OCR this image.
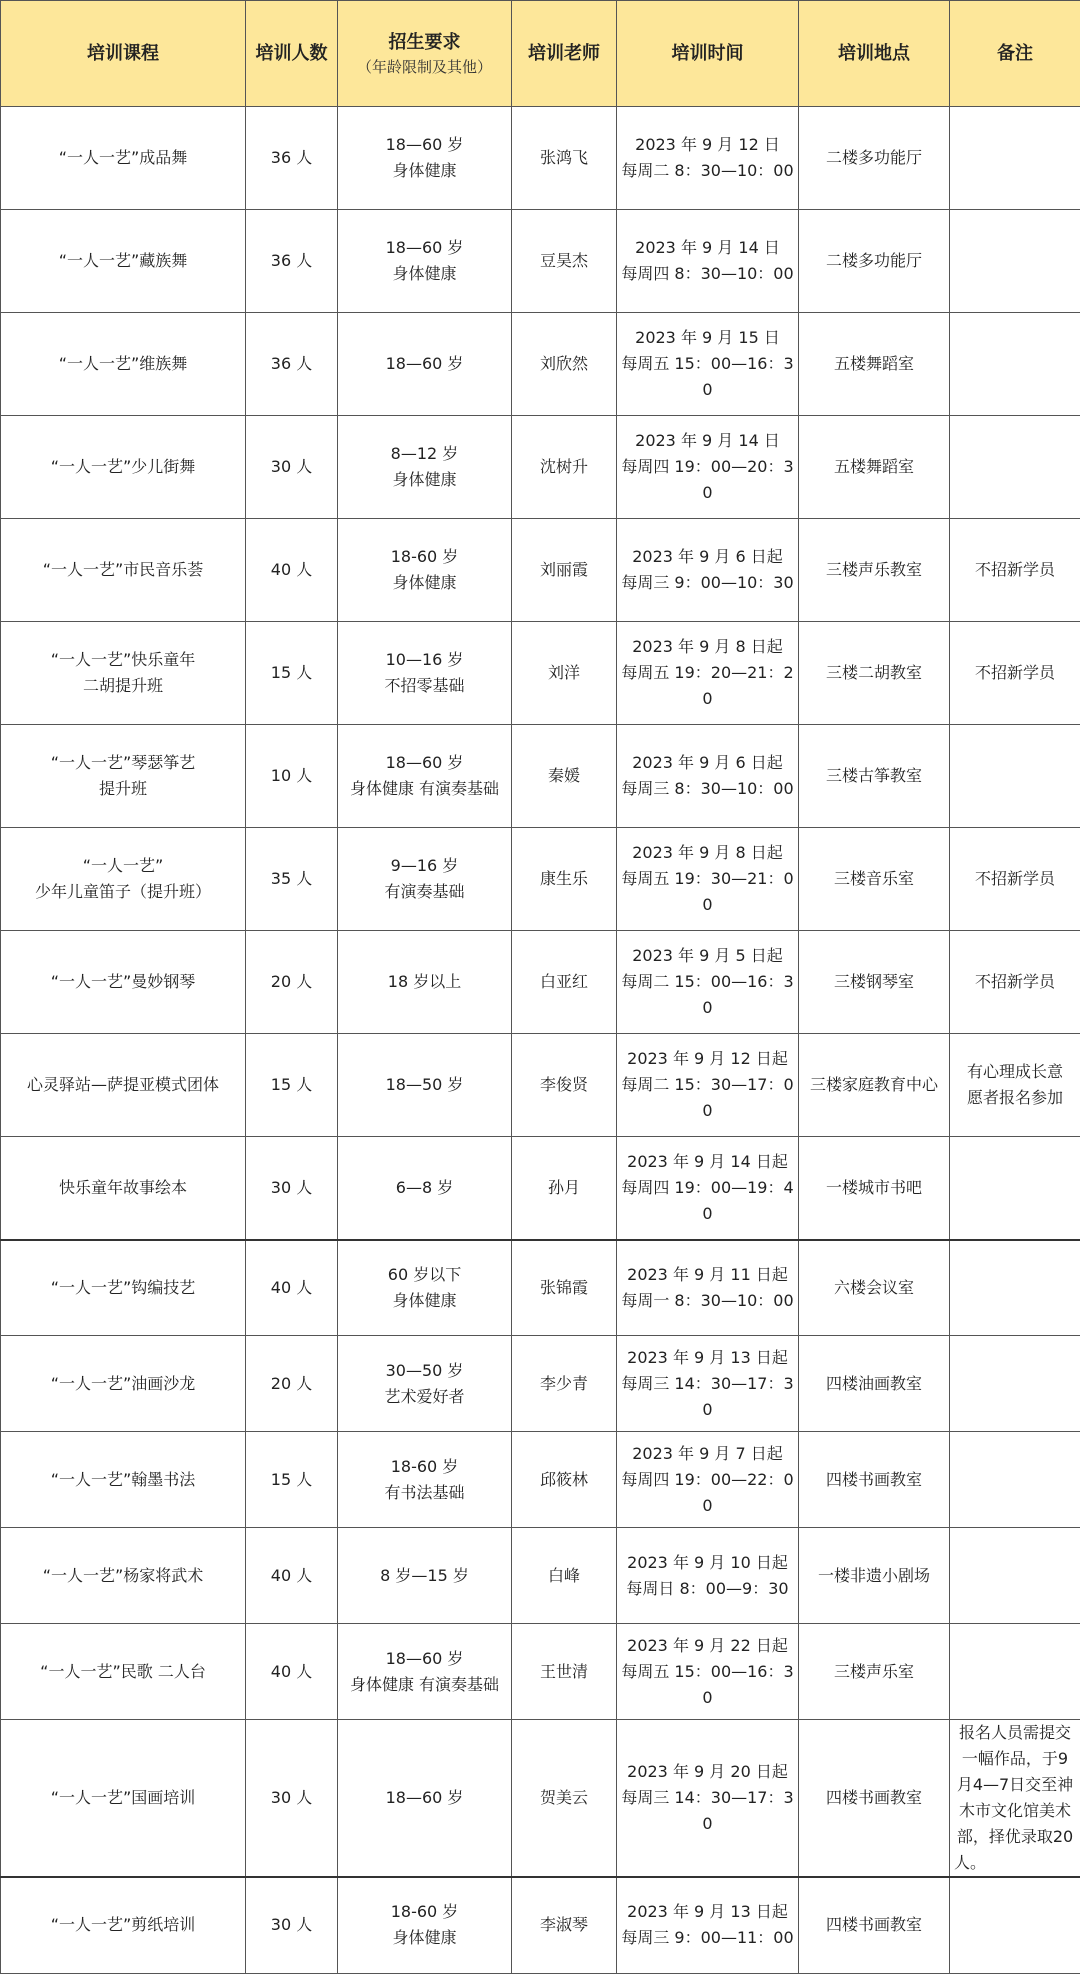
培训课程	培训人数	招生要求
（年龄限制及其他）	培训老师	培训时间	培训地点	备注

“一人一艺”成品舞	36 人	18—60 岁
身体健康	张鸿飞	2023 年 9 月 12 日
每周二 8：30—10：00	二楼多功能厅	

“一人一艺”藏族舞	36 人	18—60 岁
身体健康	豆昊杰	2023 年 9 月 14 日
每周四 8：30—10：00	二楼多功能厅	

“一人一艺”维族舞	36 人	18—60 岁	刘欣然	2023 年 9 月 15 日
每周五 15：00—16：30	五楼舞蹈室	

“一人一艺”少儿街舞	30 人	8—12 岁
身体健康	沈树升	2023 年 9 月 14 日
每周四 19：00—20：30	五楼舞蹈室	

“一人一艺”市民音乐荟	40 人	18-60 岁
身体健康	刘丽霞	2023 年 9 月 6 日起
每周三 9：00—10：30	三楼声乐教室	不招新学员

“一人一艺”快乐童年
二胡提升班	15 人	10—16 岁
不招零基础	刘洋	2023 年 9 月 8 日起
每周五 19：20—21：20	三楼二胡教室	不招新学员

“一人一艺”琴瑟筝艺
提升班	10 人	18—60 岁
身体健康 有演奏基础	秦媛	2023 年 9 月 6 日起
每周三 8：30—10：00	三楼古筝教室	

“一人一艺”
少年儿童笛子（提升班）	35 人	9—16 岁
有演奏基础	康生乐	2023 年 9 月 8 日起
每周五 19：30—21：00	三楼音乐室	不招新学员

“一人一艺”曼妙钢琴	20 人	18 岁以上	白亚红	2023 年 9 月 5 日起
每周二 15：00—16：30	三楼钢琴室	不招新学员

心灵驿站—萨提亚模式团体	15 人	18—50 岁	李俊贤	2023 年 9 月 12 日起
每周二 15：30—17：00	三楼家庭教育中心	有心理成长意
愿者报名参加

快乐童年故事绘本	30 人	6—8 岁	孙月	2023 年 9 月 14 日起
每周四 19：00—19：40	一楼城市书吧	

“一人一艺”钩编技艺	40 人	60 岁以下
身体健康	张锦霞	2023 年 9 月 11 日起
每周一 8：30—10：00	六楼会议室	

“一人一艺”油画沙龙	20 人	30—50 岁
艺术爱好者	李少青	2023 年 9 月 13 日起
每周三 14：30—17：30	四楼油画教室	

“一人一艺”翰墨书法	15 人	18-60 岁
有书法基础	邱筱林	2023 年 9 月 7 日起
每周四 19：00—22：00	四楼书画教室	

“一人一艺”杨家将武术	40 人	8 岁—15 岁	白峰	2023 年 9 月 10 日起
每周日 8：00—9：30	一楼非遗小剧场	

“一人一艺”民歌 二人台	40 人	18—60 岁
身体健康 有演奏基础	王世清	2023 年 9 月 22 日起
每周五 15：00—16：30	三楼声乐室	

“一人一艺”国画培训	30 人	18—60 岁	贺美云	2023 年 9 月 20 日起
每周三 14：30—17：30	四楼书画教室	报名人员需提交一幅作品，于9月4—7日交至神木市文化馆美术部，择优录取20人。

“一人一艺”剪纸培训	30 人	18-60 岁
身体健康	李淑琴	2023 年 9 月 13 日起
每周三 9：00—11：00	四楼书画教室	
